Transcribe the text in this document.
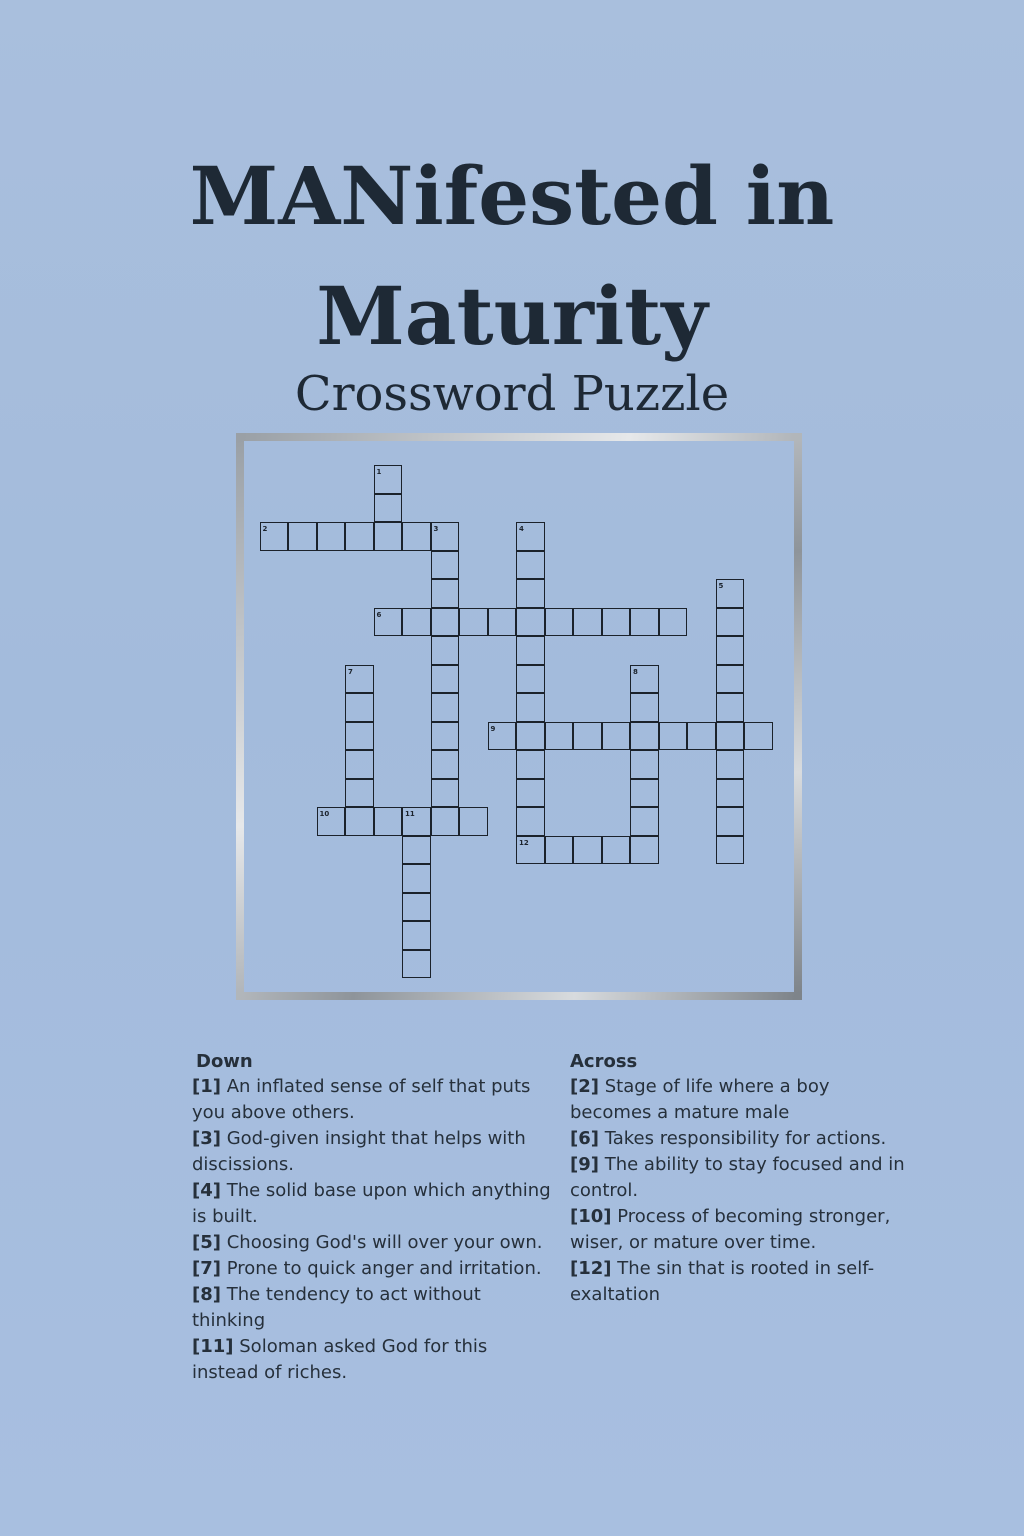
MANifested in
Maturity
Crossword Puzzle
1
2	3	4
5
6
7	8
9
10	11
12
Down

[1] An inflated sense of self that puts you above others.

[3] God-given insight that helps with discissions.

[4] The solid base upon which anything is built.

[5] Choosing God's will over your own.

[7] Prone to quick anger and irritation.

[8] The tendency to act without thinking

[11] Soloman asked God for this instead of riches.

Across

[2] Stage of life where a boy becomes a mature male

[6] Takes responsibility for actions.

[9] The ability to stay focused and in control.

[10] Process of becoming stronger, wiser, or mature over time.

[12] The sin that is rooted in self-exaltation
